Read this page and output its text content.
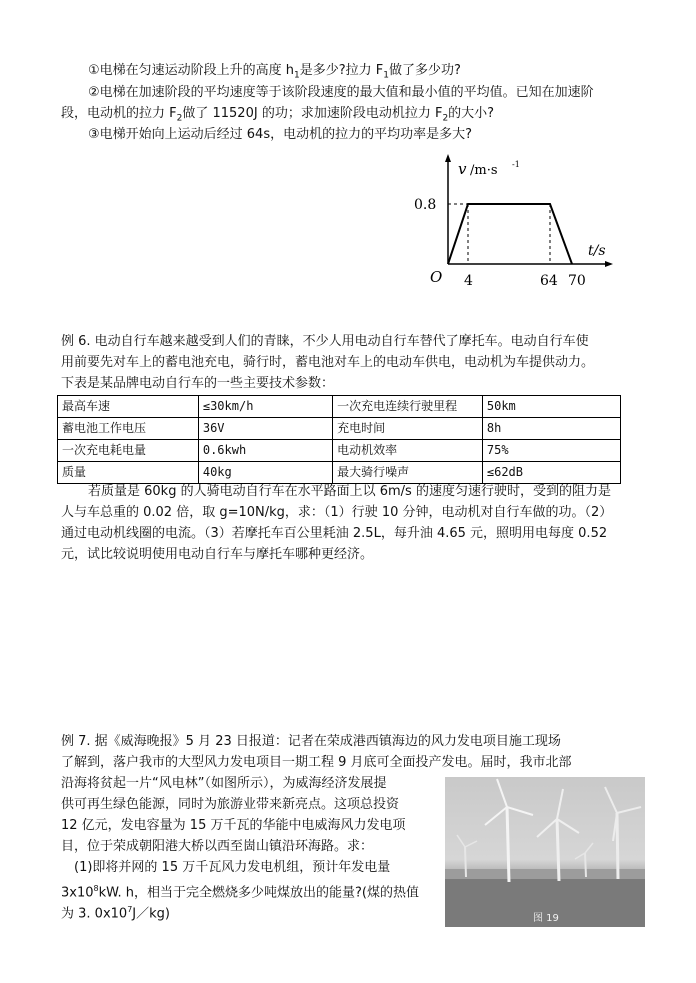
①电梯在匀速运动阶段上升的高度 $h_1$是多少?拉力 $F_1$做了多少功?
②电梯在加速阶段的平均速度等于该阶段速度的最大值和最小值的平均值。已知在加速阶
段，电动机的拉力 $F_2$做了 11520J 的功；求加速阶段电动机拉力 $F_2$的大小?
③电梯开始向上运动后经过 64s，电动机的拉力的平均功率是多大?
v /m·s -1
0.8
O 4	64 70
t/s
例 6. 电动自行车越来越受到人们的青睐，不少人用电动自行车替代了摩托车。电动自行车使
用前要先对车上的蓄电池充电，骑行时，蓄电池对车上的电动车供电，电动机为车提供动力。
下表是某品牌电动自行车的一些主要技术参数：
最高车速	≤30km/h	一次充电连续行驶里程	50km
蓄电池工作电压	36V	充电时间	8h
一次充电耗电量	0.6kwh	电动机效率	75%
质量	40kg	最大骑行噪声	≤62dB
若质量是 60kg 的人骑电动自行车在水平路面上以 6m/s 的速度匀速行驶时，受到的阻力是
人与车总重的 0.02 倍，取 g=10N/kg，求：（1）行驶 10 分钟，电动机对自行车做的功。（2）
通过电动机线圈的电流。（3）若摩托车百公里耗油 2.5L，每升油 4.65 元，照明用电每度 0.52
元，试比较说明使用电动自行车与摩托车哪种更经济。
例 7. 据《威海晚报》5 月 23 日报道：记者在荣成港西镇海边的风力发电项目施工现场
了解到，落户我市的大型风力发电项目一期工程 9 月底可全面投产发电。届时，我市北部
沿海将贫起一片“风电林”（如图所示），为威海经济发展提
供可再生绿色能源，同时为旅游业带来新亮点。这项总投资
12 亿元，发电容量为 15 万千瓦的华能中电威海风力发电项
目，位于荣成朝阳港大桥以西至崮山镇沿环海路。求：
(1)即将并网的 15 万千瓦风力发电机组，预计年发电量
$3x10^8kW$. h，相当于完全燃烧多少吨煤放出的能量?(煤的热值
为 3. $0x10^7J/kg$)	图 19
